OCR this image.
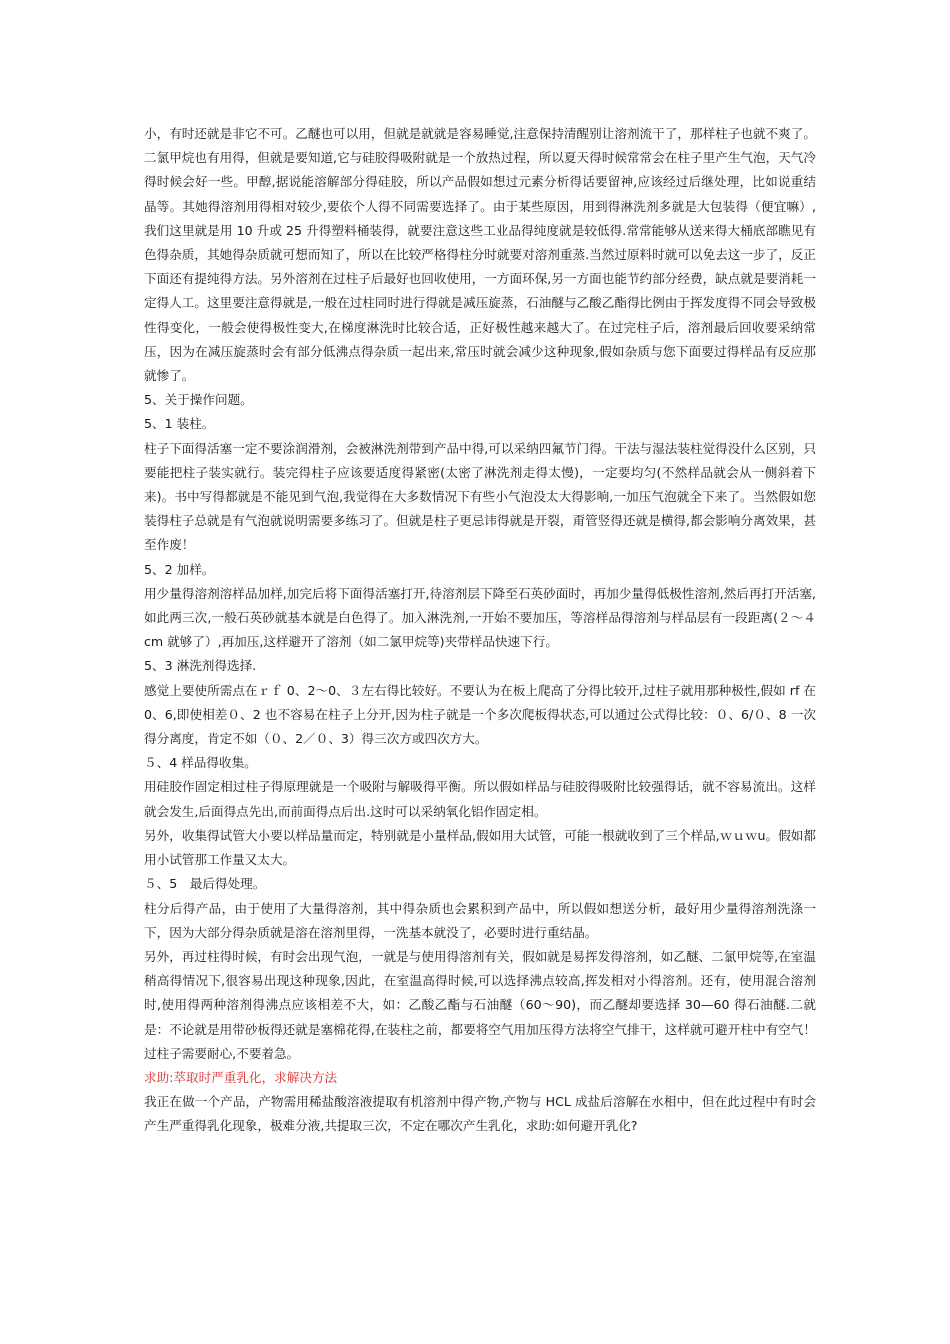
小，有时还就是非它不可。乙醚也可以用，但就是就就是容易睡觉,注意保持清醒别让溶剂流干了，那样柱子也就不爽了。二氯甲烷也有用得，但就是要知道,它与硅胶得吸附就是一个放热过程，所以夏天得时候常常会在柱子里产生气泡，天气冷得时候会好一些。甲醇,据说能溶解部分得硅胶，所以产品假如想过元素分析得话要留神,应该经过后继处理，比如说重结晶等。其她得溶剂用得相对较少,要依个人得不同需要选择了。由于某些原因，用到得淋洗剂多就是大包装得（便宜嘛）,我们这里就是用 10 升或 25 升得塑料桶装得，就要注意这些工业品得纯度就是较低得.常常能够从送来得大桶底部瞧见有色得杂质，其她得杂质就可想而知了，所以在比较严格得柱分时就要对溶剂重蒸.当然过原料时就可以免去这一步了，反正下面还有提纯得方法。另外溶剂在过柱子后最好也回收使用，一方面环保,另一方面也能节约部分经费，缺点就是要消耗一定得人工。这里要注意得就是,一般在过柱同时进行得就是减压旋蒸，石油醚与乙酸乙酯得比例由于挥发度得不同会导致极性得变化，一般会使得极性变大,在梯度淋洗时比较合适，正好极性越来越大了。在过完柱子后，溶剂最后回收要采纳常压，因为在减压旋蒸时会有部分低沸点得杂质一起出来,常压时就会减少这种现象,假如杂质与您下面要过得样品有反应那就惨了。

5、关于操作问题。

5、1 装柱。

柱子下面得活塞一定不要涂润滑剂，会被淋洗剂带到产品中得,可以采纳四氟节门得。干法与湿法装柱觉得没什么区别，只要能把柱子装实就行。装完得柱子应该要适度得紧密(太密了淋洗剂走得太慢)，一定要均匀(不然样品就会从一侧斜着下来)。书中写得都就是不能见到气泡,我觉得在大多数情况下有些小气泡没太大得影响,一加压气泡就全下来了。当然假如您装得柱子总就是有气泡就说明需要多练习了。但就是柱子更忌讳得就是开裂，甭管竖得还就是横得,都会影响分离效果，甚至作废！

5、2 加样。

用少量得溶剂溶样品加样,加完后将下面得活塞打开,待溶剂层下降至石英砂面时，再加少量得低极性溶剂,然后再打开活塞,如此两三次,一般石英砂就基本就是白色得了。加入淋洗剂,一开始不要加压，等溶样品得溶剂与样品层有一段距离(２～４ cm 就够了）,再加压,这样避开了溶剂（如二氯甲烷等)夹带样品快速下行。

5、3 淋洗剂得选择.

感觉上要使所需点在ｒｆ 0、2～0、３左右得比较好。不要认为在板上爬高了分得比较开,过柱子就用那种极性,假如 rf 在 0、6,即使相差０、2 也不容易在柱子上分开,因为柱子就是一个多次爬板得状态,可以通过公式得比较：０、6/０、8 一次得分离度，肯定不如（０、2／０、3）得三次方或四次方大。

５、4 样品得收集。

用硅胶作固定相过柱子得原理就是一个吸附与解吸得平衡。所以假如样品与硅胶得吸附比较强得话，就不容易流出。这样就会发生,后面得点先出,而前面得点后出.这时可以采纳氧化铝作固定相。

另外，收集得试管大小要以样品量而定，特别就是小量样品,假如用大试管，可能一根就收到了三个样品,ｗｕｗu。假如都用小试管那工作量又太大。

５、5　最后得处理。

柱分后得产品，由于使用了大量得溶剂，其中得杂质也会累积到产品中，所以假如想送分析，最好用少量得溶剂洗涤一下，因为大部分得杂质就是溶在溶剂里得，一洗基本就没了，必要时进行重结晶。

另外，再过柱得时候，有时会出现气泡，一就是与使用得溶剂有关，假如就是易挥发得溶剂，如乙醚、二氯甲烷等,在室温稍高得情况下,很容易出现这种现象,因此，在室温高得时候,可以选择沸点较高,挥发相对小得溶剂。还有，使用混合溶剂时,使用得两种溶剂得沸点应该相差不大，如：乙酸乙酯与石油醚（60～90)，而乙醚却要选择 30—60 得石油醚.二就是：不论就是用带砂板得还就是塞棉花得,在装柱之前，都要将空气用加压得方法将空气排干，这样就可避开柱中有空气！过柱子需要耐心,不要着急。

求助:萃取时严重乳化，求解决方法

我正在做一个产品，产物需用稀盐酸溶液提取有机溶剂中得产物,产物与 HCL 成盐后溶解在水相中，但在此过程中有时会产生严重得乳化现象，极难分液,共提取三次，不定在哪次产生乳化，求助:如何避开乳化?
